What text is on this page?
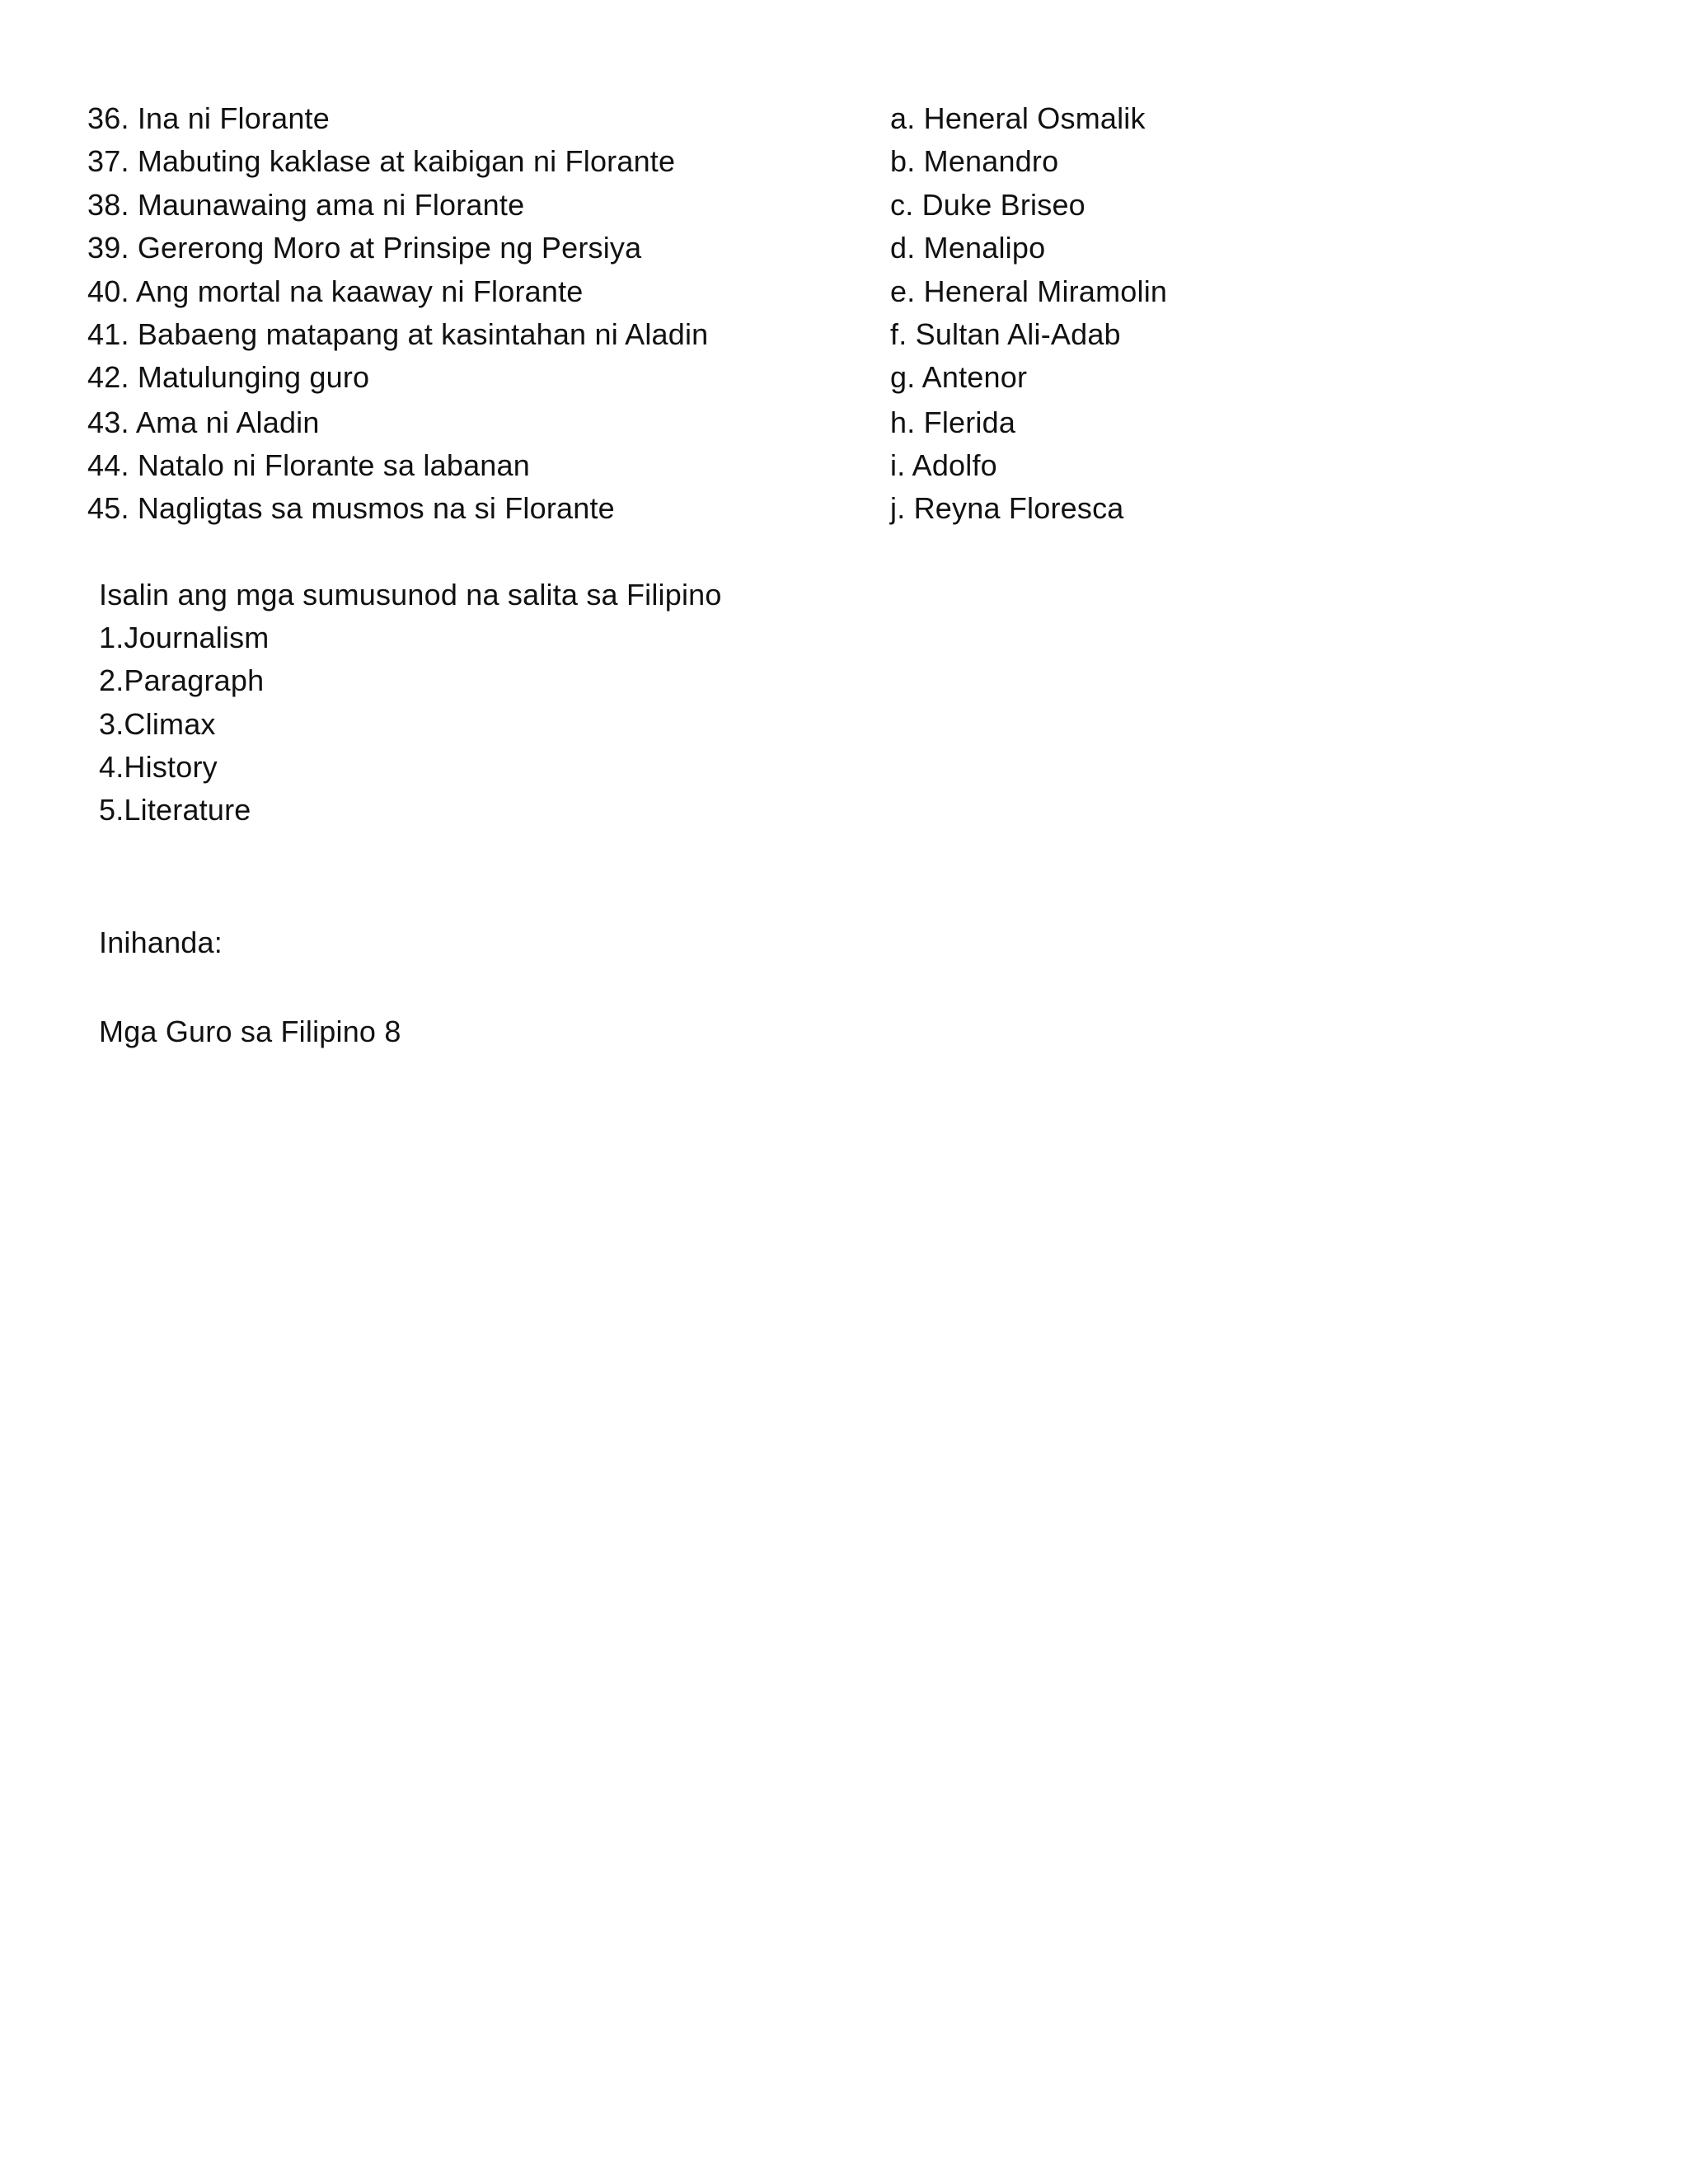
36. Ina ni Florante
37. Mabuting kaklase at kaibigan ni Florante
38. Maunawaing ama ni Florante
39. Gererong Moro at Prinsipe ng Persiya
40. Ang mortal na kaaway ni Florante
41. Babaeng matapang at kasintahan ni Aladin
42. Matulunging guro
43. Ama ni Aladin
44. Natalo ni Florante sa labanan
45. Nagligtas sa musmos na si Florante
a. Heneral Osmalik
b. Menandro
c. Duke Briseo
d. Menalipo
e. Heneral Miramolin
f. Sultan Ali-Adab
g. Antenor
h. Flerida
i. Adolfo
j. Reyna Floresca
Isalin ang mga sumusunod na salita sa Filipino
1.Journalism
2.Paragraph
3.Climax
4.History
5.Literature
Inihanda:
Mga Guro sa Filipino 8
